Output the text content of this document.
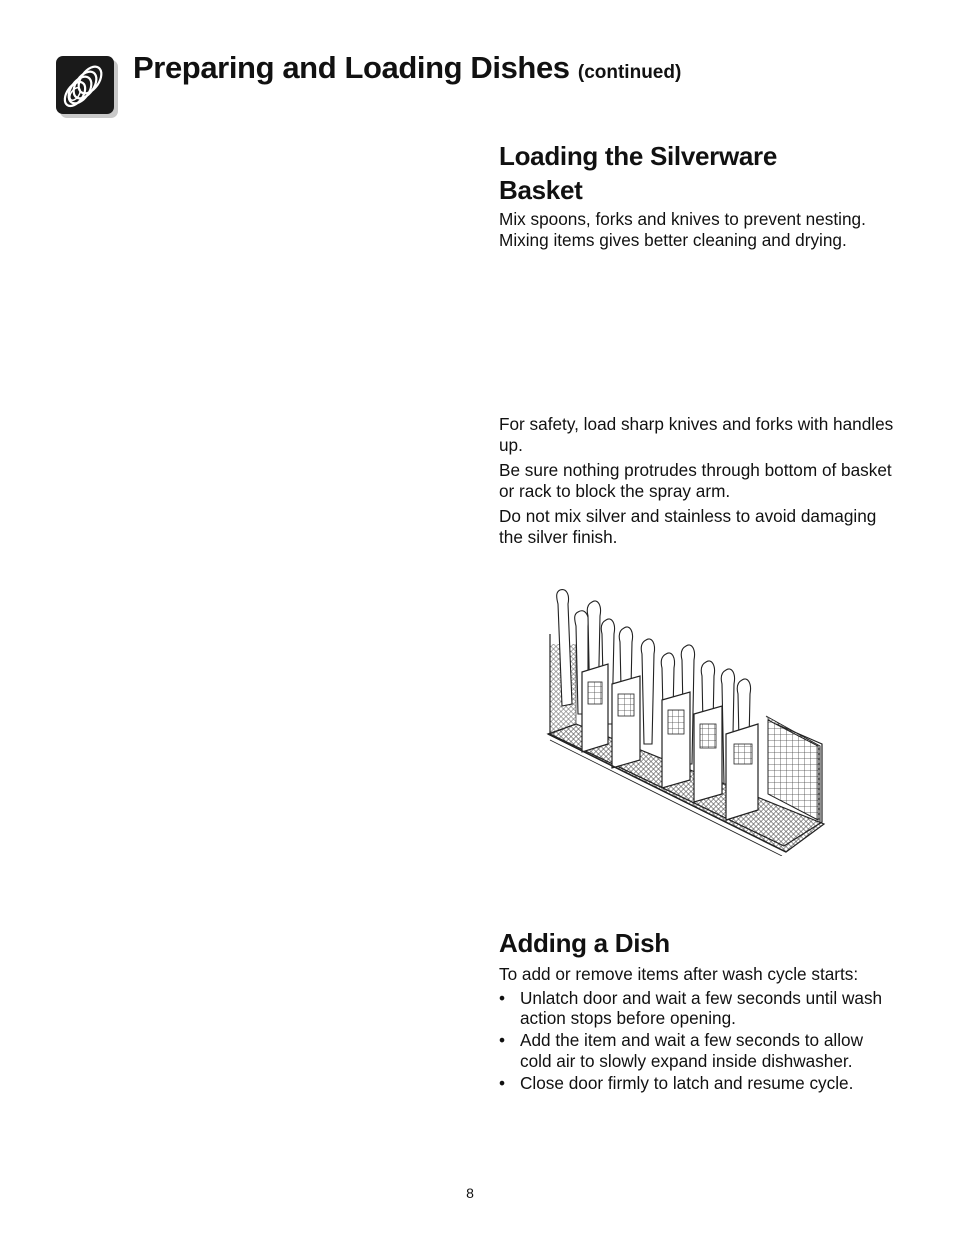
Preparing and Loading Dishes (continued)
Loading the Silverware Basket

Mix spoons, forks and knives to prevent nesting. Mixing items gives better cleaning and drying.

For safety, load sharp knives and forks with handles up.

Be sure nothing protrudes through bottom of basket or rack to block the spray arm.

Do not mix silver and stainless to avoid damaging the silver finish.

Adding a Dish

To add or remove items after wash cycle starts:

• Unlatch door and wait a few seconds until wash action stops before opening.
• Add the item and wait a few seconds to allow cold air to slowly expand inside dishwasher.
• Close door firmly to latch and resume cycle.
8
